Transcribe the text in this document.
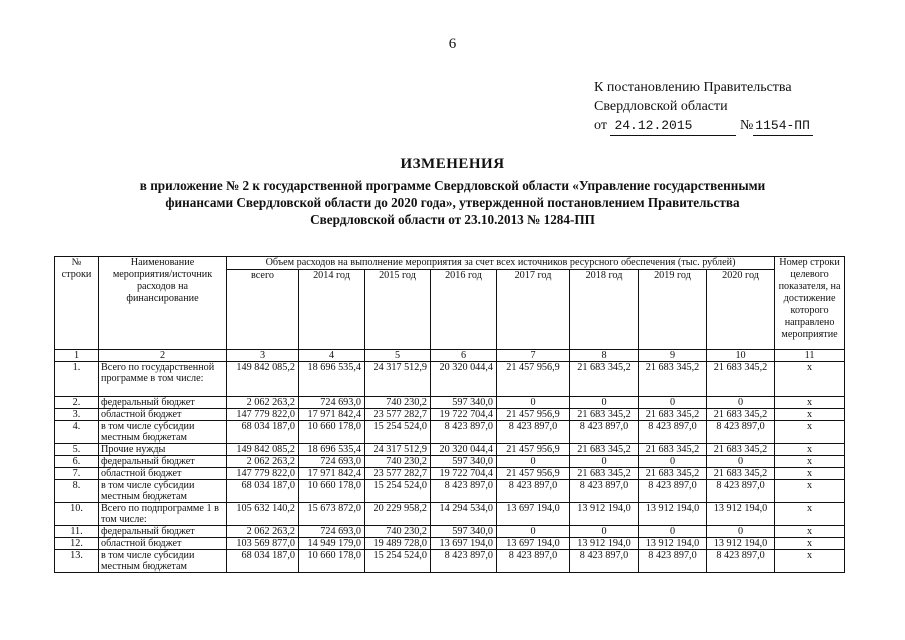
6
К постановлению Правительства
Свердловской области
от 24.12.2015	№ 1154-ПП
ИЗМЕНЕНИЯ
в приложение № 2 к государственной программе Свердловской области «Управление государственными
финансами Свердловской области до 2020 года», утвержденной постановлением Правительства
Свердловской области от 23.10.2013 № 1284-ПП
№ строки	Наименование мероприятия/источник расходов на финансирование	Объем расходов на выполнение мероприятия за счет всех источников ресурсного обеспечения (тыс. рублей)								Номер строки целевого показателя, на достижение которого направлено мероприятие
		всего	2014 год	2015 год	2016 год	2017 год	2018 год	2019 год	2020 год	
1	2	3	4	5	6	7	8	9	10	11
1.	Всего по государственной программе в том числе:	149 842 085,2	18 696 535,4	24 317 512,9	20 320 044,4	21 457 956,9	21 683 345,2	21 683 345,2	21 683 345,2	х
2.	федеральный бюджет	2 062 263,2	724 693,0	740 230,2	597 340,0	0	0	0	0	х
3.	областной бюджет	147 779 822,0	17 971 842,4	23 577 282,7	19 722 704,4	21 457 956,9	21 683 345,2	21 683 345,2	21 683 345,2	х
4.	в том числе субсидии местным бюджетам	68 034 187,0	10 660 178,0	15 254 524,0	8 423 897,0	8 423 897,0	8 423 897,0	8 423 897,0	8 423 897,0	х
5.	Прочие нужды	149 842 085,2	18 696 535,4	24 317 512,9	20 320 044,4	21 457 956,9	21 683 345,2	21 683 345,2	21 683 345,2	х
6.	федеральный бюджет	2 062 263,2	724 693,0	740 230,2	597 340,0	0	0	0	0	х
7.	областной бюджет	147 779 822,0	17 971 842,4	23 577 282,7	19 722 704,4	21 457 956,9	21 683 345,2	21 683 345,2	21 683 345,2	х
8.	в том числе субсидии местным бюджетам	68 034 187,0	10 660 178,0	15 254 524,0	8 423 897,0	8 423 897,0	8 423 897,0	8 423 897,0	8 423 897,0	х
10.	Всего по подпрограмме 1 в том числе:	105 632 140,2	15 673 872,0	20 229 958,2	14 294 534,0	13 697 194,0	13 912 194,0	13 912 194,0	13 912 194,0	х
11.	федеральный бюджет	2 062 263,2	724 693,0	740 230,2	597 340,0	0	0	0	0	х
12.	областной бюджет	103 569 877,0	14 949 179,0	19 489 728,0	13 697 194,0	13 697 194,0	13 912 194,0	13 912 194,0	13 912 194,0	х
13.	в том числе субсидии местным бюджетам	68 034 187,0	10 660 178,0	15 254 524,0	8 423 897,0	8 423 897,0	8 423 897,0	8 423 897,0	8 423 897,0	х
